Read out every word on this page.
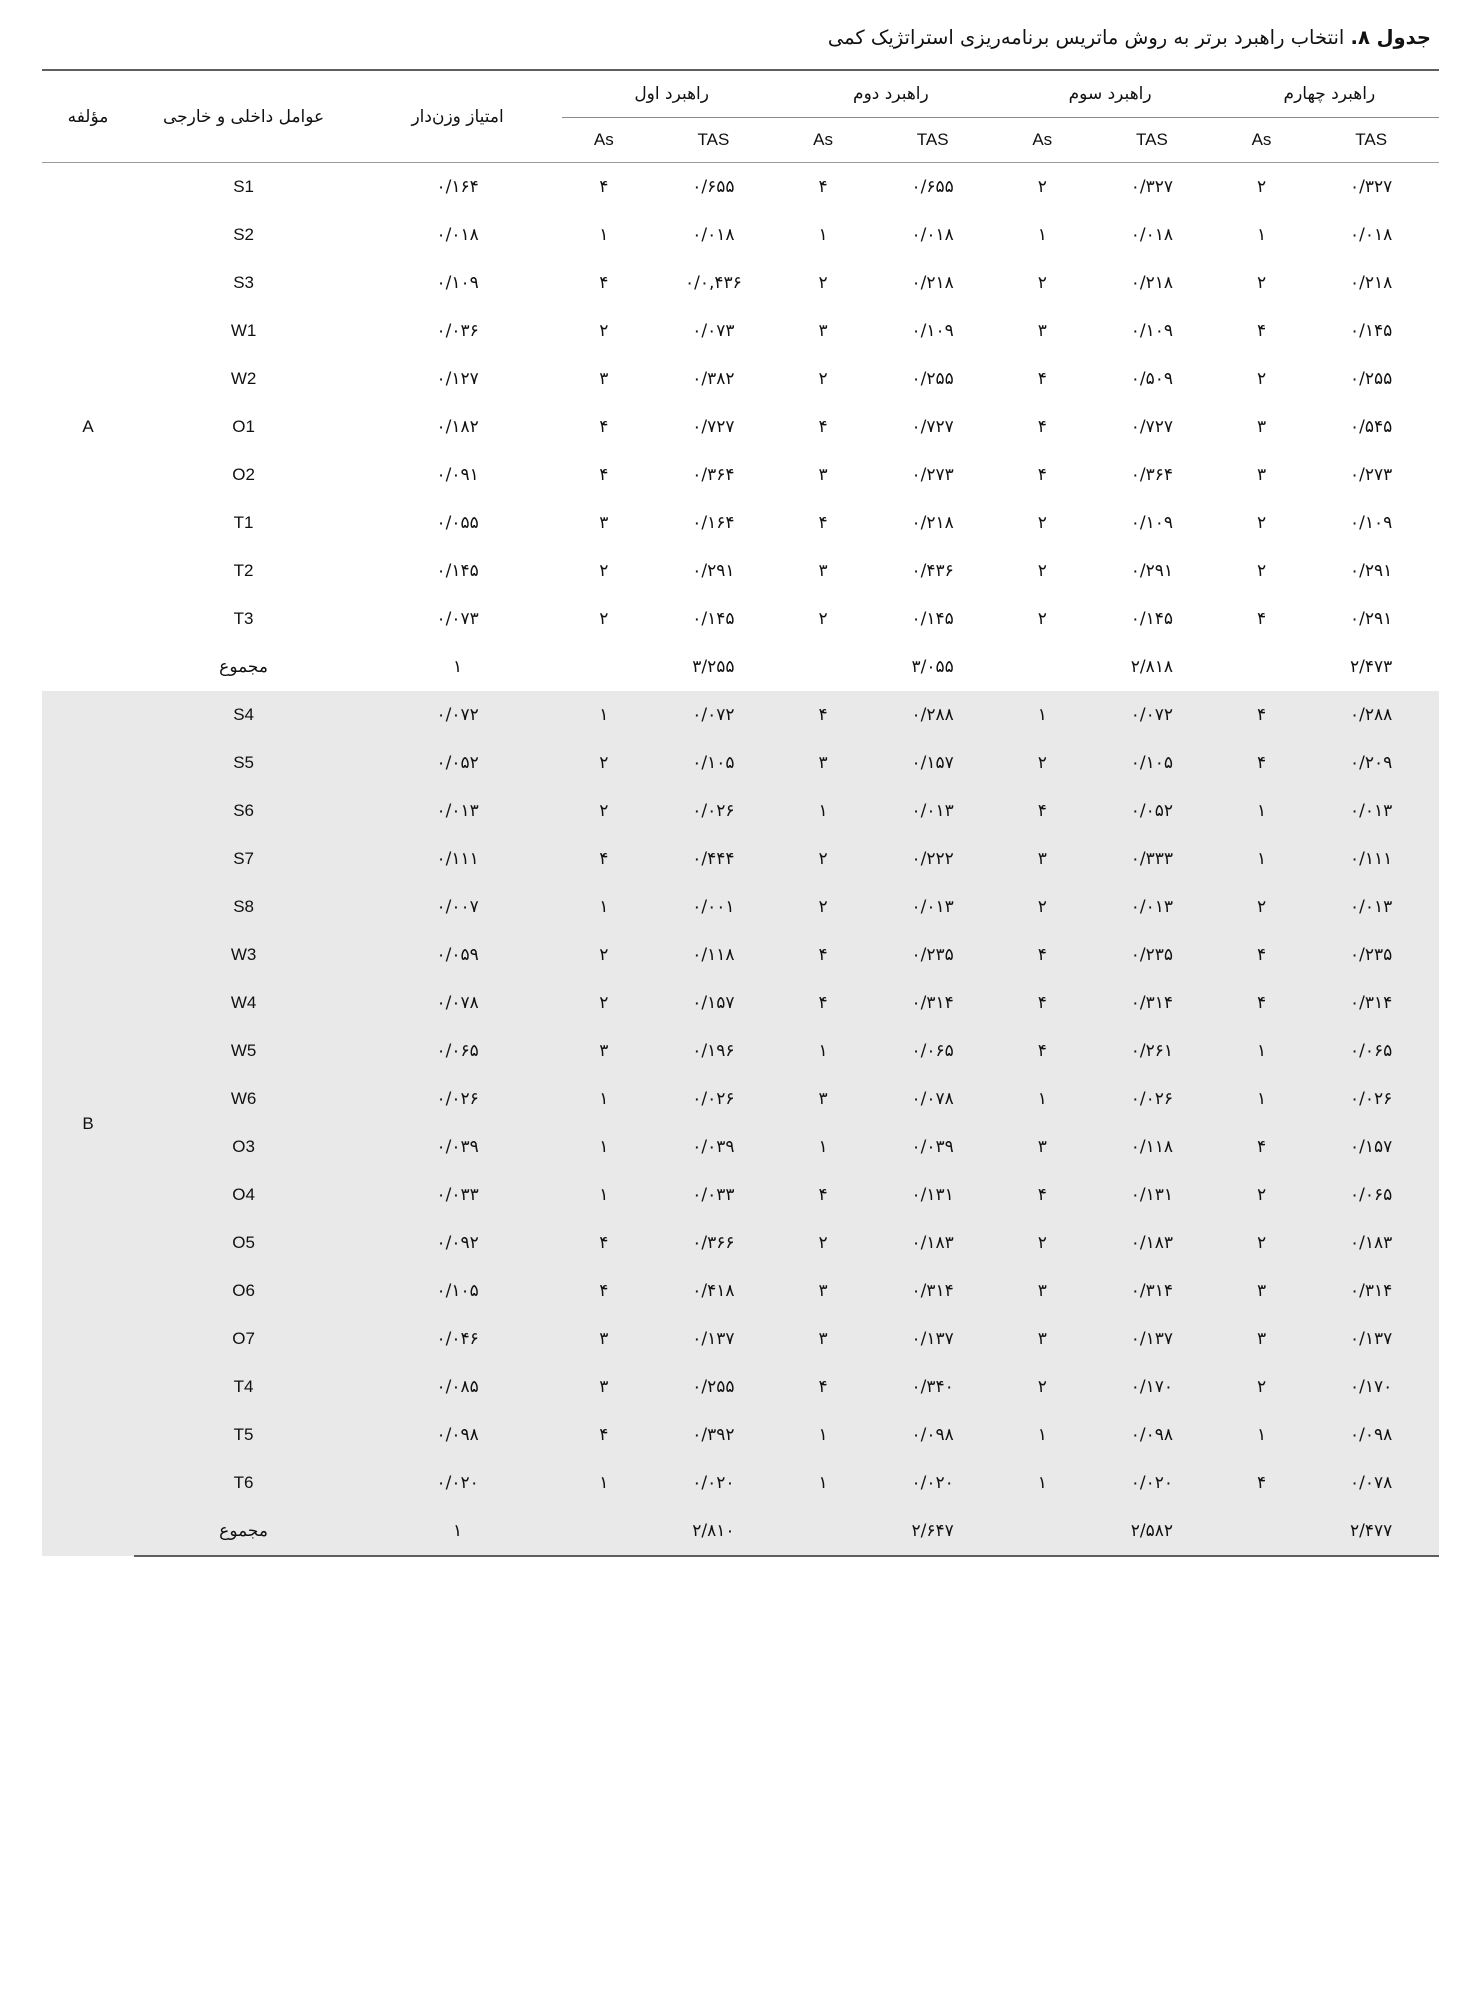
جدول ۸. انتخاب راهبرد برتر به روش ماتریس برنامه‌ریزی استراتژیک کمی
راهبرد چهارم		راهبرد سوم		راهبرد دوم		راهبرد اول		امتیاز وزن‌دار	عوامل داخلی و خارجی	مؤلفه
TAS	As	TAS	As	TAS	As	TAS	As			
۰/۳۲۷	۲	۰/۳۲۷	۲	۰/۶۵۵	۴	۰/۶۵۵	۴	۰/۱۶۴	S1	A
۰/۰۱۸	۱	۰/۰۱۸	۱	۰/۰۱۸	۱	۰/۰۱۸	۱	۰/۰۱۸	S2	
۰/۲۱۸	۲	۰/۲۱۸	۲	۰/۲۱۸	۲	۰/۰,۴۳۶	۴	۰/۱۰۹	S3	
۰/۱۴۵	۴	۰/۱۰۹	۳	۰/۱۰۹	۳	۰/۰۷۳	۲	۰/۰۳۶	W1	
۰/۲۵۵	۲	۰/۵۰۹	۴	۰/۲۵۵	۲	۰/۳۸۲	۳	۰/۱۲۷	W2	
۰/۵۴۵	۳	۰/۷۲۷	۴	۰/۷۲۷	۴	۰/۷۲۷	۴	۰/۱۸۲	O1	
۰/۲۷۳	۳	۰/۳۶۴	۴	۰/۲۷۳	۳	۰/۳۶۴	۴	۰/۰۹۱	O2	
۰/۱۰۹	۲	۰/۱۰۹	۲	۰/۲۱۸	۴	۰/۱۶۴	۳	۰/۰۵۵	T1	
۰/۲۹۱	۲	۰/۲۹۱	۲	۰/۴۳۶	۳	۰/۲۹۱	۲	۰/۱۴۵	T2	
۰/۲۹۱	۴	۰/۱۴۵	۲	۰/۱۴۵	۲	۰/۱۴۵	۲	۰/۰۷۳	T3	
۲/۴۷۳		۲/۸۱۸		۳/۰۵۵		۳/۲۵۵		۱	مجموع	
۰/۲۸۸	۴	۰/۰۷۲	۱	۰/۲۸۸	۴	۰/۰۷۲	۱	۰/۰۷۲	S4	B
۰/۲۰۹	۴	۰/۱۰۵	۲	۰/۱۵۷	۳	۰/۱۰۵	۲	۰/۰۵۲	S5	
۰/۰۱۳	۱	۰/۰۵۲	۴	۰/۰۱۳	۱	۰/۰۲۶	۲	۰/۰۱۳	S6	
۰/۱۱۱	۱	۰/۳۳۳	۳	۰/۲۲۲	۲	۰/۴۴۴	۴	۰/۱۱۱	S7	
۰/۰۱۳	۲	۰/۰۱۳	۲	۰/۰۱۳	۲	۰/۰۰۱	۱	۰/۰۰۷	S8	
۰/۲۳۵	۴	۰/۲۳۵	۴	۰/۲۳۵	۴	۰/۱۱۸	۲	۰/۰۵۹	W3	
۰/۳۱۴	۴	۰/۳۱۴	۴	۰/۳۱۴	۴	۰/۱۵۷	۲	۰/۰۷۸	W4	
۰/۰۶۵	۱	۰/۲۶۱	۴	۰/۰۶۵	۱	۰/۱۹۶	۳	۰/۰۶۵	W5	
۰/۰۲۶	۱	۰/۰۲۶	۱	۰/۰۷۸	۳	۰/۰۲۶	۱	۰/۰۲۶	W6	
۰/۱۵۷	۴	۰/۱۱۸	۳	۰/۰۳۹	۱	۰/۰۳۹	۱	۰/۰۳۹	O3	
۰/۰۶۵	۲	۰/۱۳۱	۴	۰/۱۳۱	۴	۰/۰۳۳	۱	۰/۰۳۳	O4	
۰/۱۸۳	۲	۰/۱۸۳	۲	۰/۱۸۳	۲	۰/۳۶۶	۴	۰/۰۹۲	O5	
۰/۳۱۴	۳	۰/۳۱۴	۳	۰/۳۱۴	۳	۰/۴۱۸	۴	۰/۱۰۵	O6	
۰/۱۳۷	۳	۰/۱۳۷	۳	۰/۱۳۷	۳	۰/۱۳۷	۳	۰/۰۴۶	O7	
۰/۱۷۰	۲	۰/۱۷۰	۲	۰/۳۴۰	۴	۰/۲۵۵	۳	۰/۰۸۵	T4	
۰/۰۹۸	۱	۰/۰۹۸	۱	۰/۰۹۸	۱	۰/۳۹۲	۴	۰/۰۹۸	T5	
۰/۰۷۸	۴	۰/۰۲۰	۱	۰/۰۲۰	۱	۰/۰۲۰	۱	۰/۰۲۰	T6	
۲/۴۷۷		۲/۵۸۲		۲/۶۴۷		۲/۸۱۰		۱	مجموع	
